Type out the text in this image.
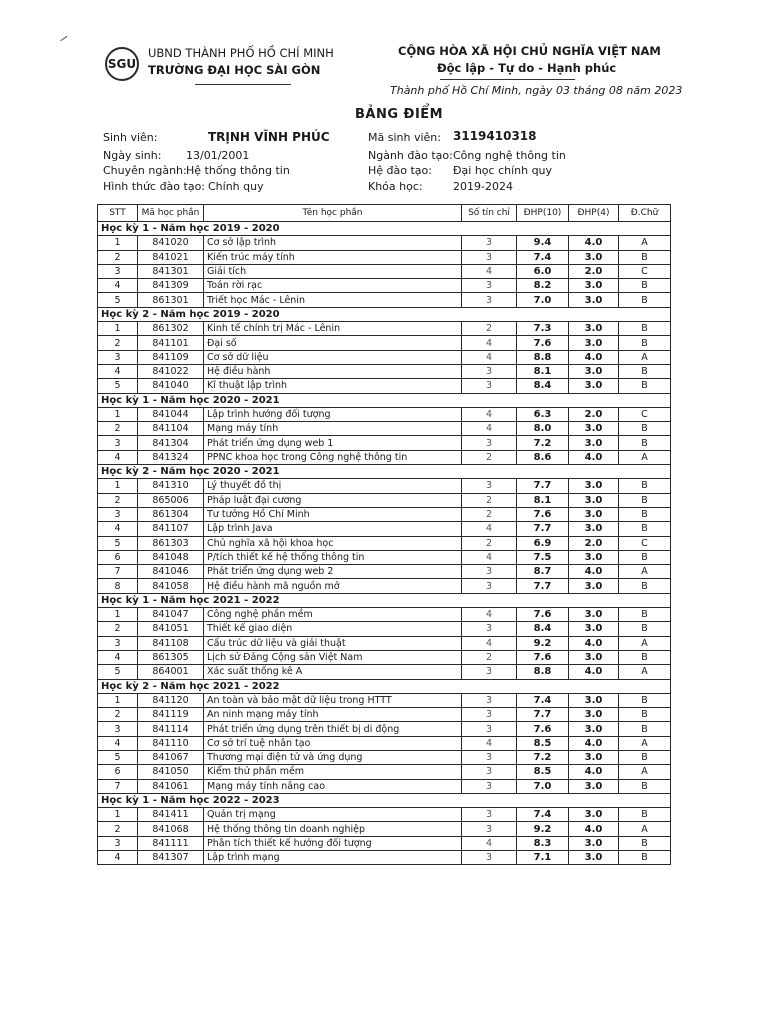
SGU
UBND THÀNH PHỐ HỒ CHÍ MINH
TRƯỜNG ĐẠI HỌC SÀI GÒN
CỘNG HÒA XÃ HỘI CHỦ NGHĨA VIỆT NAM
Độc lập - Tự do - Hạnh phúc
Thành phố Hồ Chí Minh, ngày 03 tháng 08 năm 2023
BẢNG ĐIỂM
Sinh viên:	TRỊNH VĨNH PHÚC
Ngày sinh: 13/01/2001
Chuyên ngành: Hệ thống thông tin
Hình thức đào tạo: Chính quy
Mã sinh viên: 3119410318
Ngành đào tạo: Công nghệ thông tin
Hệ đào tạo: Đại học chính quy
Khóa học:	2019-2024
STT	Mã học phần	Tên học phần	Số tín chỉ	ĐHP(10)	ĐHP(4)	Đ.Chữ
Học kỳ 1 - Năm học 2019 - 2020						
1	841020	Cơ sở lập trình	3	9.4	4.0	A
2	841021	Kiến trúc máy tính	3	7.4	3.0	B
3	841301	Giải tích	4	6.0	2.0	C
4	841309	Toán rời rạc	3	8.2	3.0	B
5	861301	Triết học Mác - Lênin	3	7.0	3.0	B
Học kỳ 2 - Năm học 2019 - 2020						
1	861302	Kinh tế chính trị Mác - Lênin	2	7.3	3.0	B
2	841101	Đại số	4	7.6	3.0	B
3	841109	Cơ sở dữ liệu	4	8.8	4.0	A
4	841022	Hệ điều hành	3	8.1	3.0	B
5	841040	Kĩ thuật lập trình	3	8.4	3.0	B
Học kỳ 1 - Năm học 2020 - 2021						
1	841044	Lập trình hướng đối tượng	4	6.3	2.0	C
2	841104	Mạng máy tính	4	8.0	3.0	B
3	841304	Phát triển ứng dụng web 1	3	7.2	3.0	B
4	841324	PPNC khoa học trong Công nghệ thông tin	2	8.6	4.0	A
Học kỳ 2 - Năm học 2020 - 2021						
1	841310	Lý thuyết đồ thị	3	7.7	3.0	B
2	865006	Pháp luật đại cương	2	8.1	3.0	B
3	861304	Tư tưởng Hồ Chí Minh	2	7.6	3.0	B
4	841107	Lập trình Java	4	7.7	3.0	B
5	861303	Chủ nghĩa xã hội khoa học	2	6.9	2.0	C
6	841048	P/tích thiết kế hệ thống thông tin	4	7.5	3.0	B
7	841046	Phát triển ứng dụng web 2	3	8.7	4.0	A
8	841058	Hệ điều hành mã nguồn mở	3	7.7	3.0	B
Học kỳ 1 - Năm học 2021 - 2022						
1	841047	Công nghệ phần mềm	4	7.6	3.0	B
2	841051	Thiết kế giao diện	3	8.4	3.0	B
3	841108	Cấu trúc dữ liệu và giải thuật	4	9.2	4.0	A
4	861305	Lịch sử Đảng Cộng sản Việt Nam	2	7.6	3.0	B
5	864001	Xác suất thống kê A	3	8.8	4.0	A
Học kỳ 2 - Năm học 2021 - 2022						
1	841120	An toàn và bảo mật dữ liệu trong HTTT	3	7.4	3.0	B
2	841119	An ninh mạng máy tính	3	7.7	3.0	B
3	841114	Phát triển ứng dụng trên thiết bị di động	3	7.6	3.0	B
4	841110	Cơ sở trí tuệ nhân tạo	4	8.5	4.0	A
5	841067	Thương mại điện tử và ứng dụng	3	7.2	3.0	B
6	841050	Kiểm thử phần mềm	3	8.5	4.0	A
7	841061	Mạng máy tính nâng cao	3	7.0	3.0	B
Học kỳ 1 - Năm học 2022 - 2023						
1	841411	Quản trị mạng	3	7.4	3.0	B
2	841068	Hệ thống thông tin doanh nghiệp	3	9.2	4.0	A
3	841111	Phân tích thiết kế hướng đối tượng	4	8.3	3.0	B
4	841307	Lập trình mạng	3	7.1	3.0	B
